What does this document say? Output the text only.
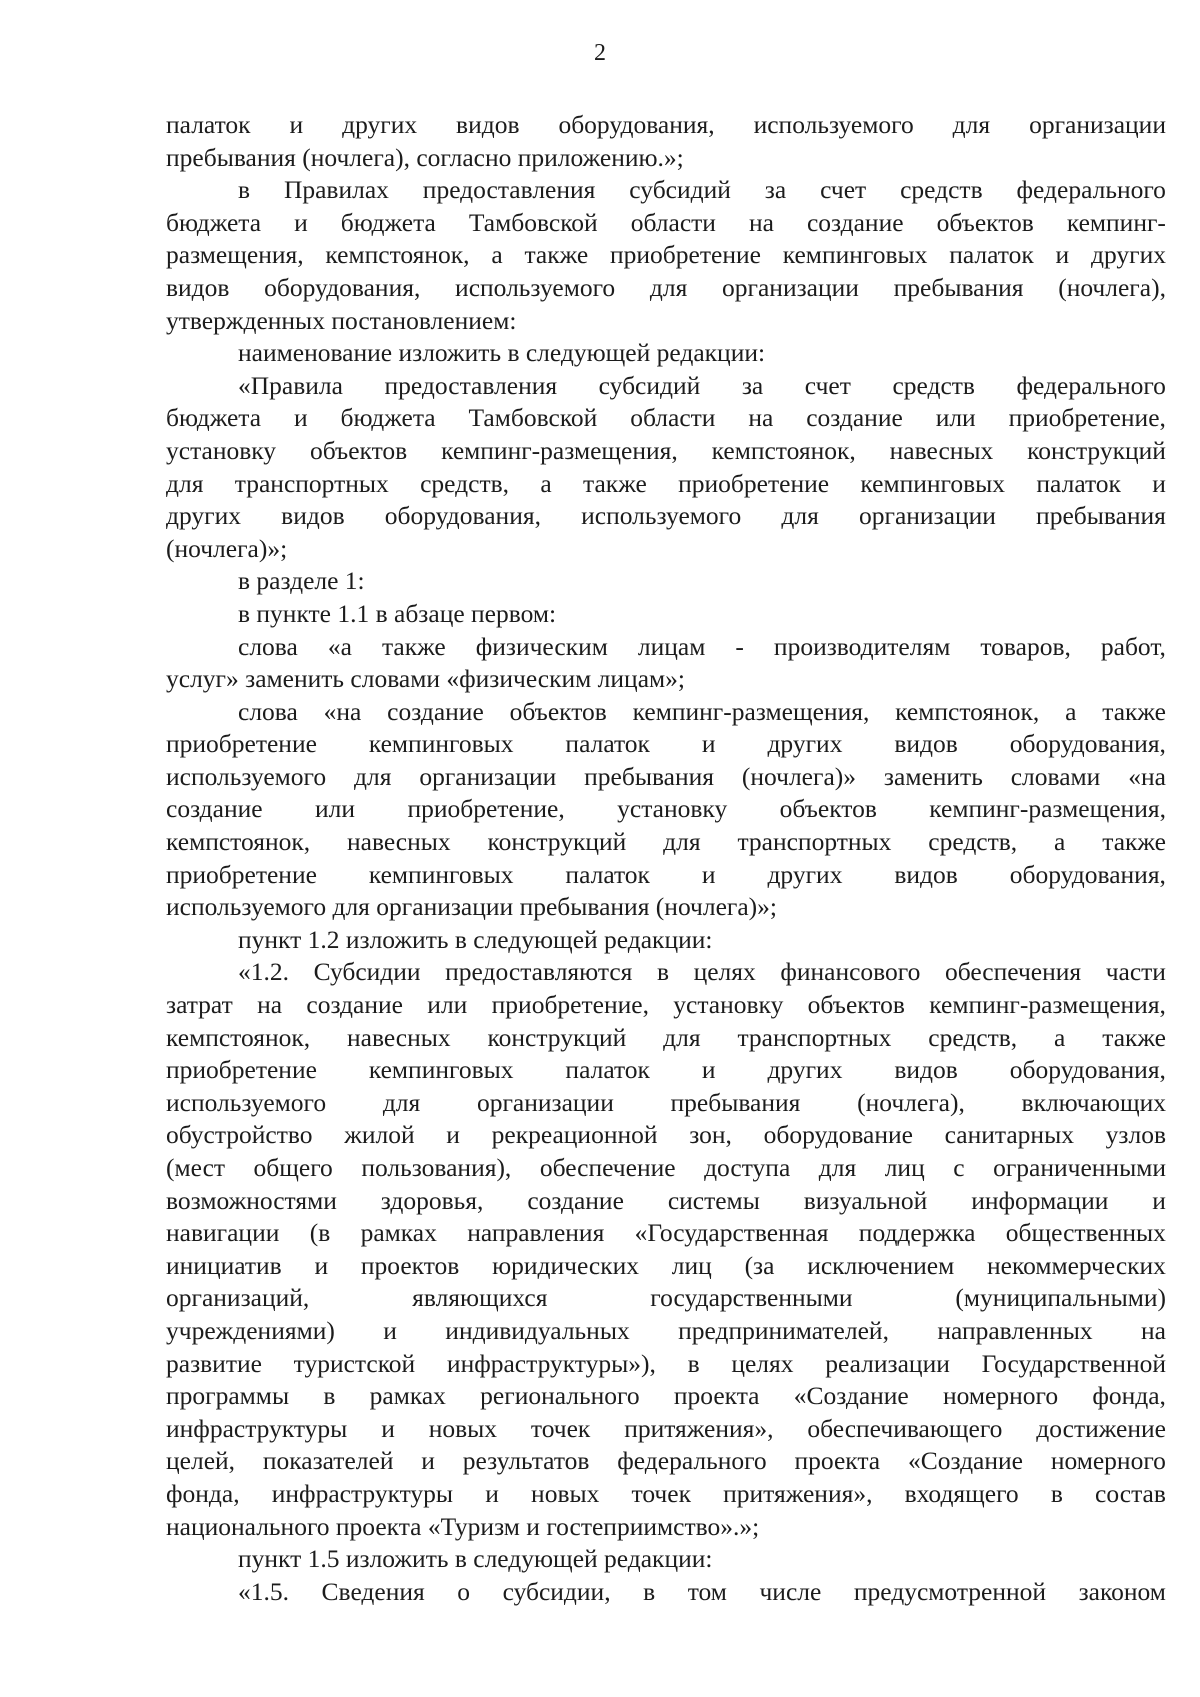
2
палаток и других видов оборудования, используемого для организации
пребывания (ночлега), согласно приложению.»;
в Правилах предоставления субсидий за счет средств федерального
бюджета и бюджета Тамбовской области на создание объектов кемпинг-
размещения, кемпстоянок, а также приобретение кемпинговых палаток и других
видов оборудования, используемого для организации пребывания (ночлега),
утвержденных постановлением:
наименование изложить в следующей редакции:
«Правила предоставления субсидий за счет средств федерального
бюджета и бюджета Тамбовской области на создание или приобретение,
установку объектов кемпинг-размещения, кемпстоянок, навесных конструкций
для транспортных средств, а также приобретение кемпинговых палаток и
других видов оборудования, используемого для организации пребывания
(ночлега)»;
в разделе 1:
в пункте 1.1 в абзаце первом:
слова «а также физическим лицам - производителям товаров, работ,
услуг» заменить словами «физическим лицам»;
слова «на создание объектов кемпинг-размещения, кемпстоянок, а также
приобретение кемпинговых палаток и других видов оборудования,
используемого для организации пребывания (ночлега)» заменить словами «на
создание или приобретение, установку объектов кемпинг-размещения,
кемпстоянок, навесных конструкций для транспортных средств, а также
приобретение кемпинговых палаток и других видов оборудования,
используемого для организации пребывания (ночлега)»;
пункт 1.2 изложить в следующей редакции:
«1.2. Субсидии предоставляются в целях финансового обеспечения части
затрат на создание или приобретение, установку объектов кемпинг-размещения,
кемпстоянок, навесных конструкций для транспортных средств, а также
приобретение кемпинговых палаток и других видов оборудования,
используемого для организации пребывания (ночлега), включающих
обустройство жилой и рекреационной зон, оборудование санитарных узлов
(мест общего пользования), обеспечение доступа для лиц с ограниченными
возможностями здоровья, создание системы визуальной информации и
навигации (в рамках направления «Государственная поддержка общественных
инициатив и проектов юридических лиц (за исключением некоммерческих
организаций,	являющихся	государственными	(муниципальными)
учреждениями) и индивидуальных предпринимателей, направленных на
развитие туристской инфраструктуры»), в целях реализации Государственной
программы в рамках регионального проекта «Создание номерного фонда,
инфраструктуры и новых точек притяжения», обеспечивающего достижение
целей, показателей и результатов федерального проекта «Создание номерного
фонда, инфраструктуры и новых точек притяжения», входящего в состав
национального проекта «Туризм и гостеприимство».»;
пункт 1.5 изложить в следующей редакции:
«1.5. Сведения о субсидии, в том числе предусмотренной законом
